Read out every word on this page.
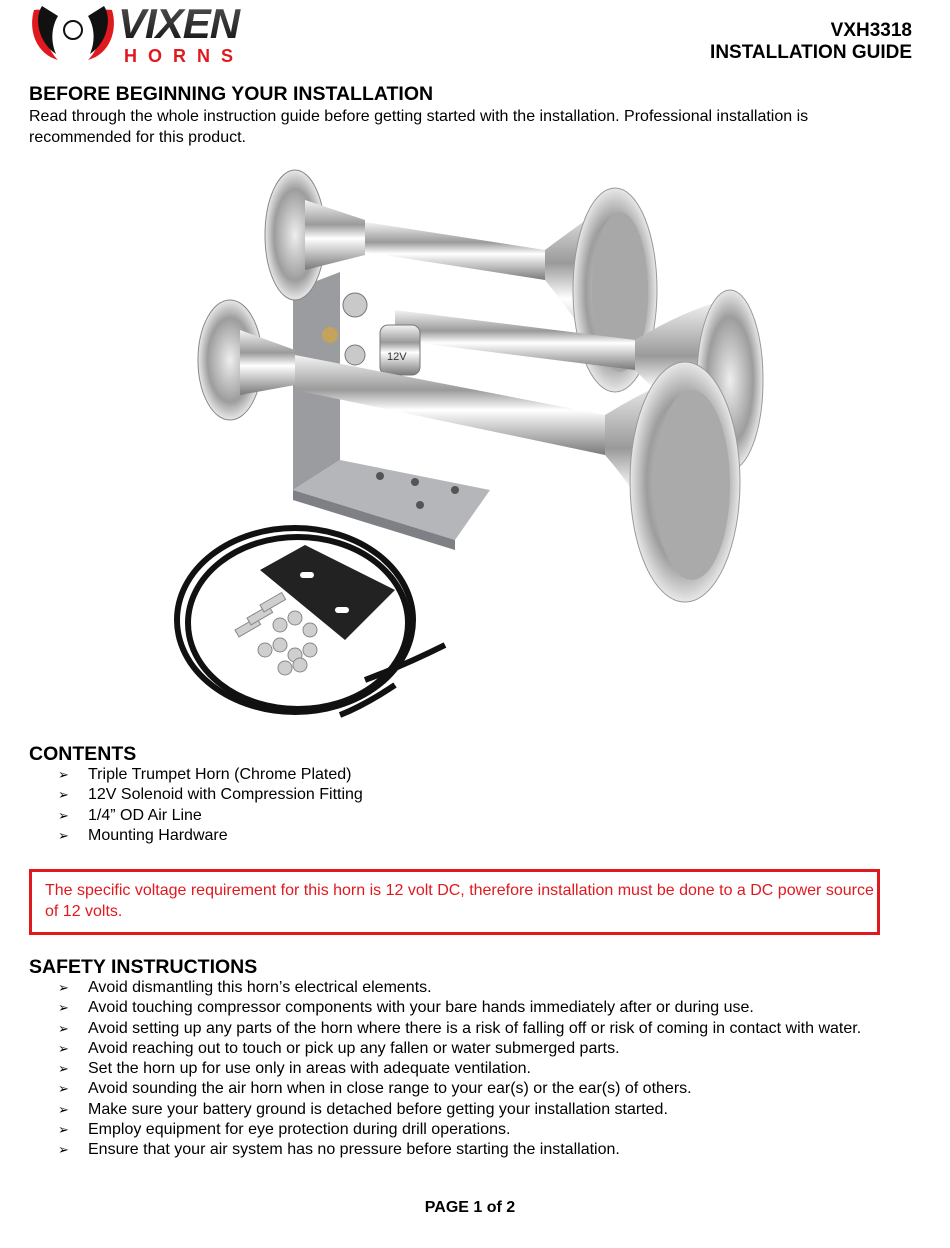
VIXEN
HORNS
VXH3318
INSTALLATION GUIDE
BEFORE BEGINNING YOUR INSTALLATION
Read through the whole instruction guide before getting started with the installation. Professional installation is recommended for this product.
12V
CONTENTS
➢ Triple Trumpet Horn (Chrome Plated)
➢ 12V Solenoid with Compression Fitting
➢ 1/4” OD Air Line
➢ Mounting Hardware
The specific voltage requirement for this horn is 12 volt DC, therefore installation must be done to a DC power source of 12 volts.
SAFETY INSTRUCTIONS
➢ Avoid dismantling this horn’s electrical elements.
➢ Avoid touching compressor components with your bare hands immediately after or during use.
➢ Avoid setting up any parts of the horn where there is a risk of falling off or risk of coming in contact with water.
➢ Avoid reaching out to touch or pick up any fallen or water submerged parts.
➢ Set the horn up for use only in areas with adequate ventilation.
➢ Avoid sounding the air horn when in close range to your ear(s) or the ear(s) of others.
➢ Make sure your battery ground is detached before getting your installation started.
➢ Employ equipment for eye protection during drill operations.
➢ Ensure that your air system has no pressure before starting the installation.
PAGE 1 of 2
